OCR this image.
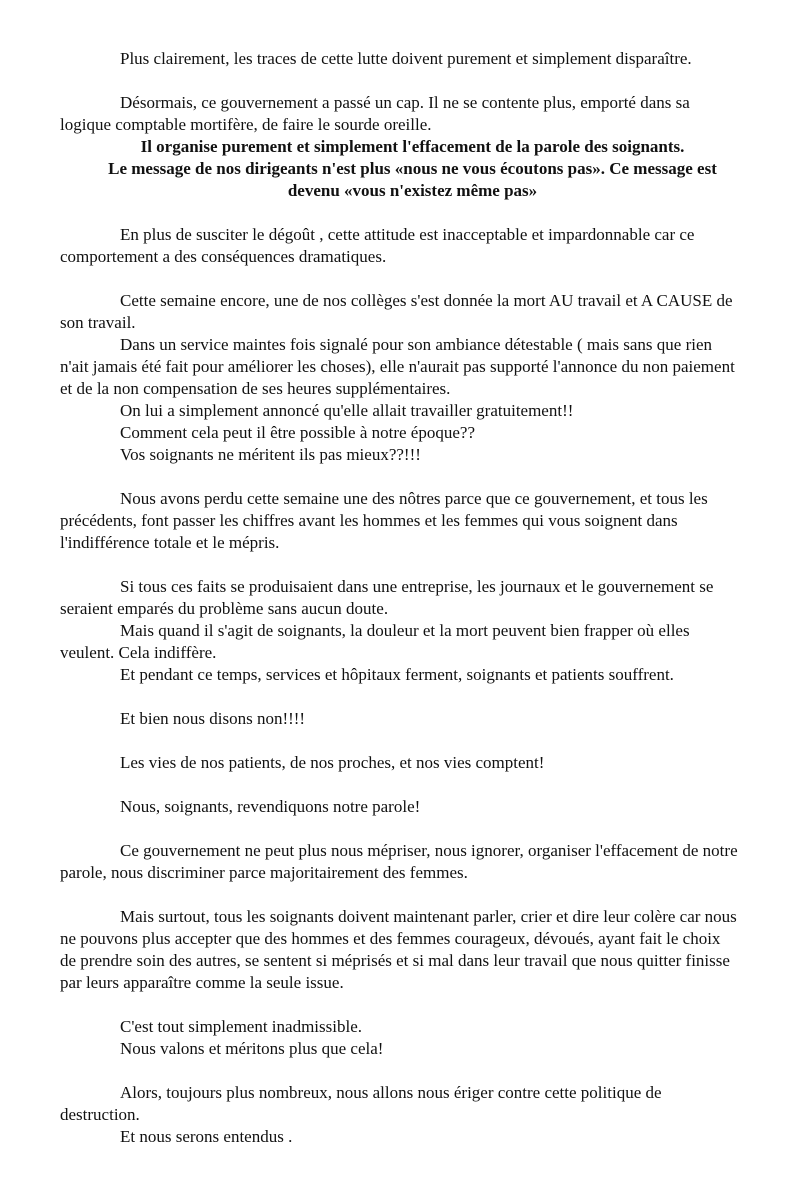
Plus clairement, les traces de cette lutte doivent purement et simplement disparaître.
Désormais, ce gouvernement a passé un cap. Il ne se contente plus, emporté dans sa
logique comptable mortifère, de faire le sourde oreille.
Il organise purement et simplement l'effacement de la parole des soignants.
Le message de nos dirigeants n'est plus «nous ne vous écoutons pas». Ce message est
devenu «vous n'existez même pas»
En plus de susciter le dégoût , cette attitude est inacceptable et impardonnable car ce
comportement a des conséquences dramatiques.
Cette semaine encore, une de nos collèges s'est donnée la mort AU travail et A CAUSE de
son travail.
Dans un service maintes fois signalé pour son ambiance détestable ( mais sans que rien
n'ait jamais été fait pour améliorer les choses), elle n'aurait pas supporté l'annonce du non paiement
et de la non compensation de ses heures supplémentaires.
On lui a simplement annoncé qu'elle allait travailler gratuitement!!
Comment cela peut il être possible à notre époque??
Vos soignants ne méritent ils pas mieux??!!!
Nous avons perdu cette semaine une des nôtres parce que ce gouvernement, et tous les
précédents, font passer les chiffres avant les hommes et les femmes qui vous soignent dans
l'indifférence totale et le mépris.
Si tous ces faits se produisaient dans une entreprise, les journaux et le gouvernement se
seraient emparés du problème sans aucun doute.
Mais quand il s'agit de soignants, la douleur et la mort peuvent bien frapper où elles
veulent. Cela indiffère.
Et pendant ce temps, services et hôpitaux ferment, soignants et patients souffrent.
Et bien nous disons non!!!!
Les vies de nos patients, de nos proches, et nos vies comptent!
Nous, soignants, revendiquons notre parole!
Ce gouvernement ne peut plus nous mépriser, nous ignorer, organiser l'effacement de notre
parole, nous discriminer parce majoritairement des femmes.
Mais surtout, tous les soignants doivent maintenant parler, crier et dire leur colère car nous
ne pouvons plus accepter que des hommes et des femmes courageux, dévoués, ayant fait le choix
de prendre soin des autres, se sentent si méprisés et si mal dans leur travail que nous quitter finisse
par leurs apparaître comme la seule issue.
C'est tout simplement inadmissible.
Nous valons et méritons plus que cela!
Alors, toujours plus nombreux, nous allons nous ériger contre cette politique de
destruction.
Et nous serons entendus .
